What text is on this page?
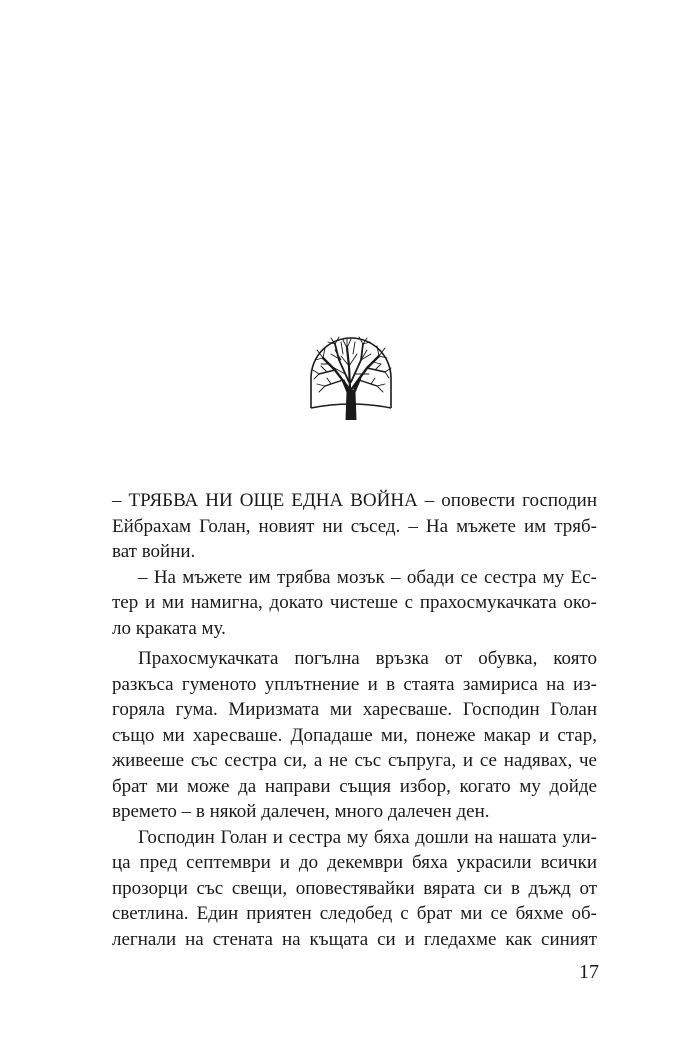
– ТРЯБВА НИ ОЩЕ ЕДНА ВОЙНА – оповести господин
Ейбрахам Голан, новият ни съсед. – На мъжете им тряб-
ват войни.
– На мъжете им трябва мозък – обади се сестра му Ес-
тер и ми намигна, докато чистеше с прахосмукачката око-
ло краката му.
Прахосмукачката погълна връзка от обувка, която
разкъса гуменото уплътнение и в стаята замириса на из-
горяла гума. Миризмата ми харесваше. Господин Голан
също ми харесваше. Допадаше ми, понеже макар и стар,
живееше със сестра си, а не със съпруга, и се надявах, че
брат ми може да направи същия избор, когато му дойде
времето – в някой далечен, много далечен ден.
Господин Голан и сестра му бяха дошли на нашата ули-
ца пред септември и до декември бяха украсили всички
прозорци със свещи, оповестявайки вярата си в дъжд от
светлина. Един приятен следобед с брат ми се бяхме об-
легнали на стената на къщата си и гледахме как синият
17
